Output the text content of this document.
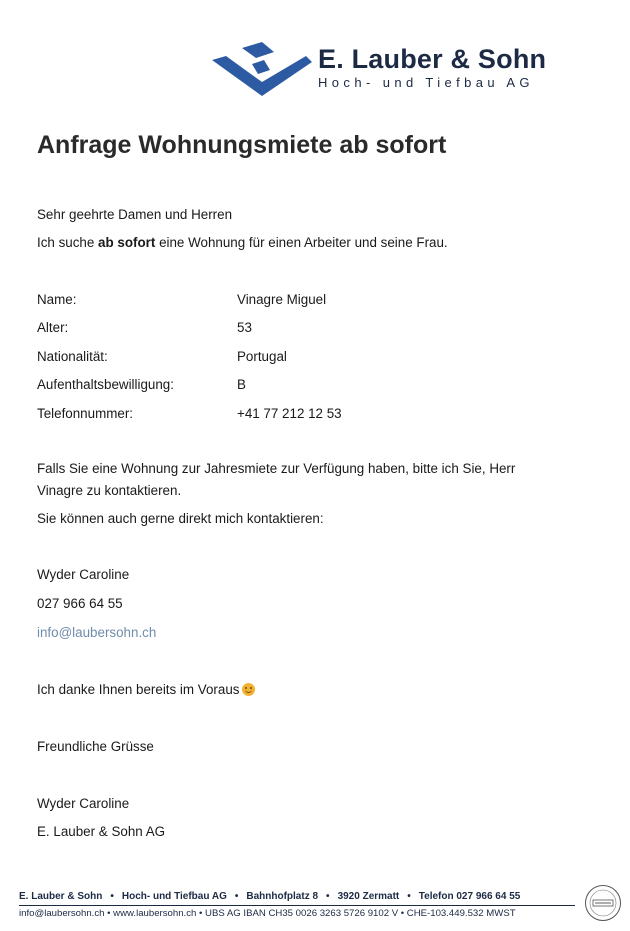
E. Lauber & Sohn
Hoch- und Tiefbau AG
Anfrage Wohnungsmiete ab sofort
Sehr geehrte Damen und Herren
Ich suche ab sofort eine Wohnung für einen Arbeiter und seine Frau.
Name:	Vinagre Miguel
Alter:	53
Nationalität:	Portugal
Aufenthaltsbewilligung:	B
Telefonnummer:	+41 77 212 12 53
Falls Sie eine Wohnung zur Jahresmiete zur Verfügung haben, bitte ich Sie, Herr
Vinagre zu kontaktieren.
Sie können auch gerne direkt mich kontaktieren:
Wyder Caroline
027 966 64 55
info@laubersohn.ch
Ich danke Ihnen bereits im Voraus
Freundliche Grüsse
Wyder Caroline
E. Lauber & Sohn AG
E. Lauber & Sohn • Hoch- und Tiefbau AG • Bahnhofplatz 8 • 3920 Zermatt • Telefon 027 966 64 55
info@laubersohn.ch • www.laubersohn.ch • UBS AG IBAN CH35 0026 3263 5726 9102 V • CHE-103.449.532 MWST
